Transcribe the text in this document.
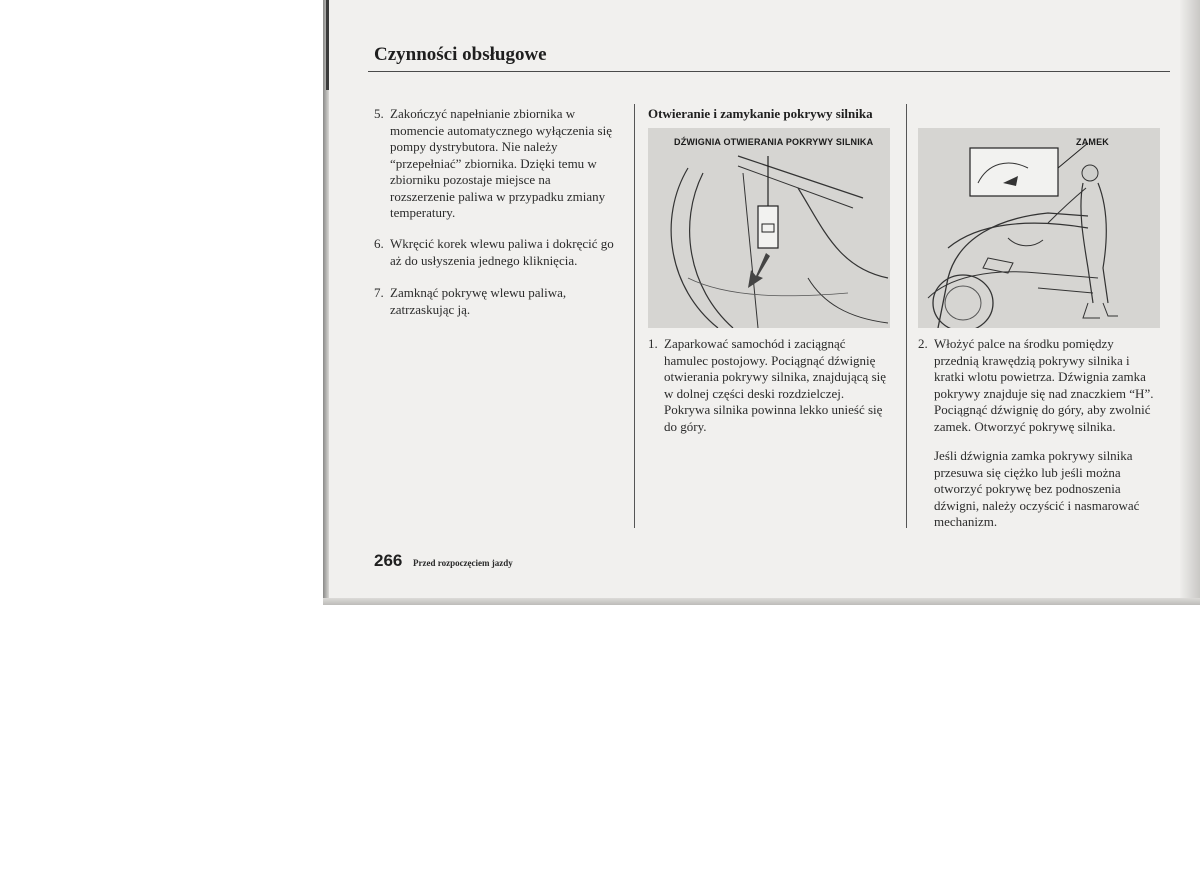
Czynności obsługowe
5. Zakończyć napełnianie zbiornika w
momencie automatycznego wyłączenia się
pompy dystrybutora. Nie należy
“przepełniać” zbiornika. Dzięki temu w
zbiorniku pozostaje miejsce na
rozszerzenie paliwa w przypadku zmiany
temperatury.
6. Wkręcić korek wlewu paliwa i dokręcić go
aż do usłyszenia jednego kliknięcia.
7. Zamknąć pokrywę wlewu paliwa,
zatrzaskując ją.
Otwieranie i zamykanie pokrywy silnika
DŹWIGNIA OTWIERANIA POKRYWY SILNIKA
1. Zaparkować samochód i zaciągnąć
hamulec postojowy. Pociągnąć dźwignię
otwierania pokrywy silnika, znajdującą się
w dolnej części deski rozdzielczej.
Pokrywa silnika powinna lekko unieść się
do góry.
ZAMEK
2. Włożyć palce na środku pomiędzy
przednią krawędzią pokrywy silnika i
kratki wlotu powietrza. Dźwignia zamka
pokrywy znajduje się nad znaczkiem “H”.
Pociągnąć dźwignię do góry, aby zwolnić
zamek. Otworzyć pokrywę silnika.
Jeśli dźwignia zamka pokrywy silnika
przesuwa się ciężko lub jeśli można
otworzyć pokrywę bez podnoszenia
dźwigni, należy oczyścić i nasmarować
mechanizm.
266 Przed rozpoczęciem jazdy
